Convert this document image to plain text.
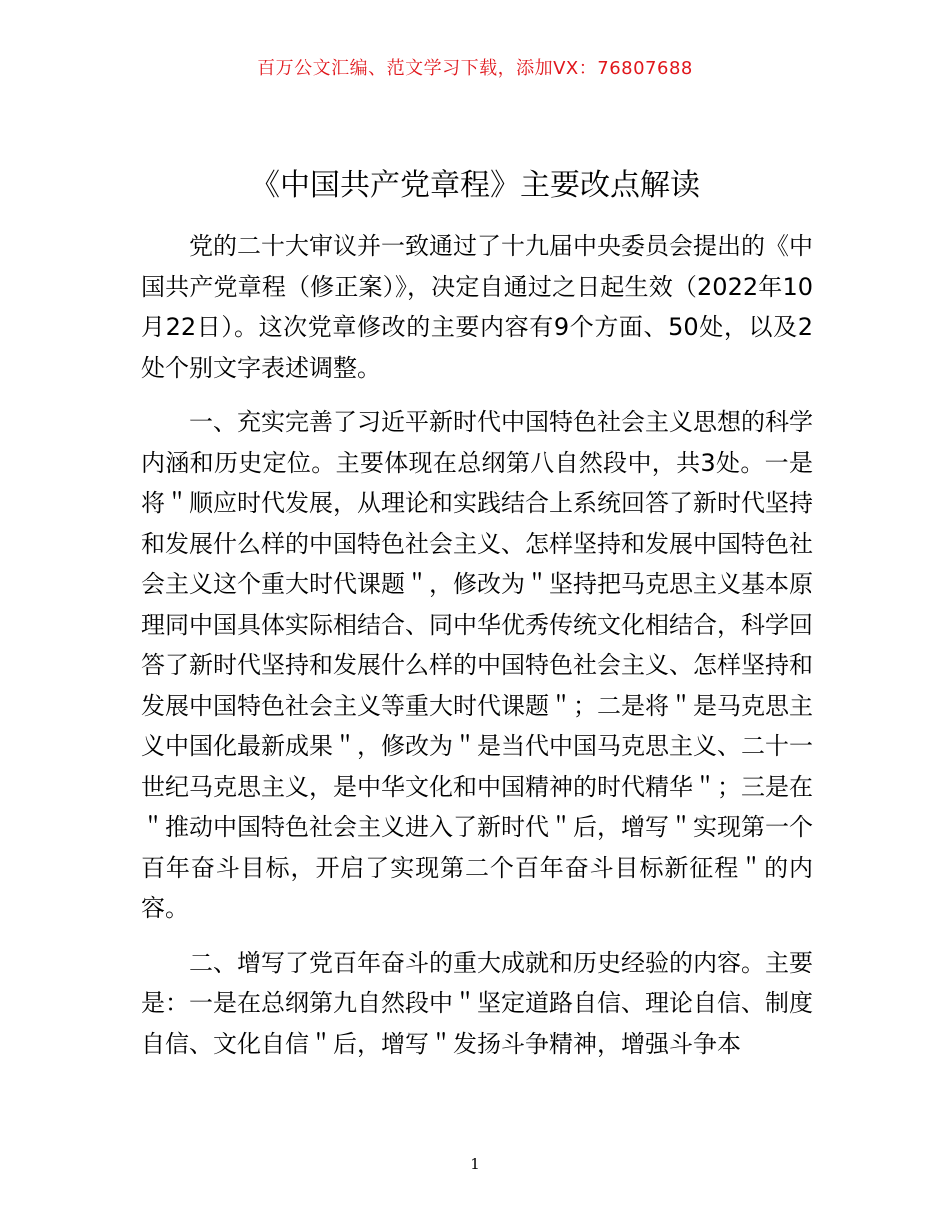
百万公文汇编、范文学习下载，添加VX：76807688
《中国共产党章程》主要改点解读

党的二十大审议并一致通过了十九届中央委员会提出的《中国共产党章程（修正案）》，决定自通过之日起生效（2022年10月22日）。这次党章修改的主要内容有9个方面、50处，以及2处个别文字表述调整。

一、充实完善了习近平新时代中国特色社会主义思想的科学内涵和历史定位。主要体现在总纲第八自然段中，共3处。一是将＂顺应时代发展，从理论和实践结合上系统回答了新时代坚持和发展什么样的中国特色社会主义、怎样坚持和发展中国特色社会主义这个重大时代课题＂，修改为＂坚持把马克思主义基本原理同中国具体实际相结合、同中华优秀传统文化相结合，科学回答了新时代坚持和发展什么样的中国特色社会主义、怎样坚持和发展中国特色社会主义等重大时代课题＂；二是将＂是马克思主义中国化最新成果＂，修改为＂是当代中国马克思主义、二十一世纪马克思主义，是中华文化和中国精神的时代精华＂；三是在＂推动中国特色社会主义进入了新时代＂后，增写＂实现第一个百年奋斗目标，开启了实现第二个百年奋斗目标新征程＂的内容。

二、增写了党百年奋斗的重大成就和历史经验的内容。主要是：一是在总纲第九自然段中＂坚定道路自信、理论自信、制度自信、文化自信＂后，增写＂发扬斗争精神，增强斗争本

1
